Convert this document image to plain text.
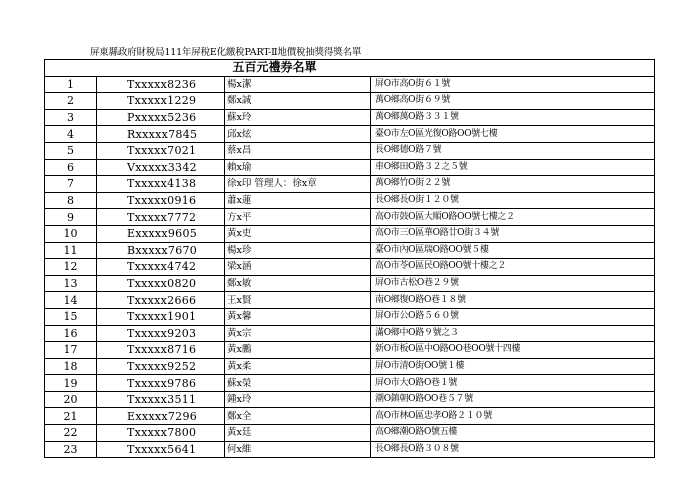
屏東縣政府財稅局111年屏稅E化繳稅PART-Ⅱ地價稅抽獎得獎名單
五百元禮券名單			
1	Txxxxx8236	楊x潔	屏O市高O街６１號
2	Txxxxx1229	鄭x誠	萬O鄉高O街６９號
3	Pxxxxx5236	蘇x玲	萬O鄉萬O路３３１號
4	Rxxxxx7845	邱x炫	臺O市左O區光復O路OO號七樓
5	Txxxxx7021	蔡x昌	長O鄉德O路７號
6	Vxxxxx3342	賴x瑜	車O鄉田O路３２之５號
7	Txxxxx4138	徐x印 管理人：徐x章	萬O鄉竹O街２２號
8	Txxxxx0916	蕭x蓮	長O鄉長O街１２０號
9	Txxxxx7772	方x平	高O市鼓O區大順O路OO號七樓之２
10	Exxxxx9605	黃x吏	高O市三O區華O路廿O街３４號
11	Bxxxxx7670	楊x珍	臺O市內O區瑞O路OO號５樓
12	Txxxxx4742	梁x涵	高O市苓O區民O路OO號十樓之２
13	Txxxxx0820	鄭x敏	屏O市古松O巷２９號
14	Txxxxx2666	王x賢	南O鄉復O路O巷１８號
15	Txxxxx1901	黃x馨	屏O市公O路５６０號
16	Txxxxx9203	黃x宗	滿O鄉中O路９號之３
17	Txxxxx8716	黃x鵬	新O市板O區中O路OO巷OO號十四樓
18	Txxxxx9252	黃x柔	屏O市清O街OO號１樓
19	Txxxxx9786	蘇x榮	屏O市大O路O巷１號
20	Txxxxx3511	鍾x玲	潮O鎮朝O路OO巷５７號
21	Exxxxx7296	鄭x全	高O市林O區忠孝O路２１０號
22	Txxxxx7800	黃x廷	高O鄉潮O路O號五樓
23	Txxxxx5641	何x維	長O鄉長O路３０８號
